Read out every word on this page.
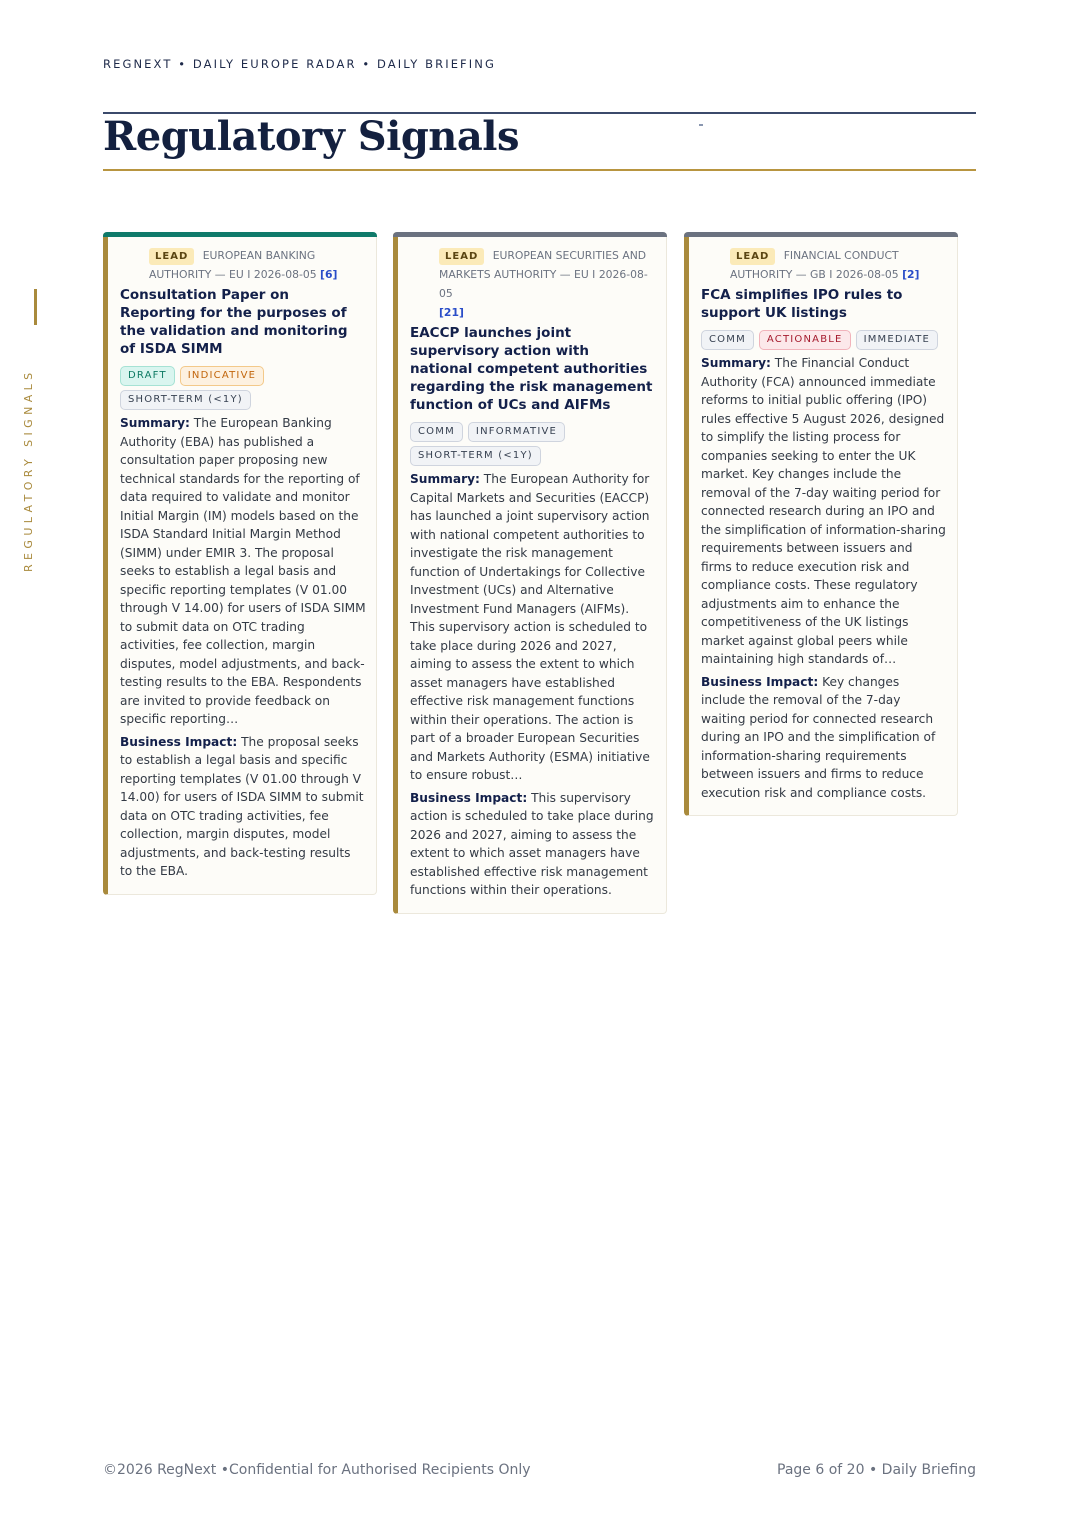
REGNEXT • DAILY EUROPE RADAR • DAILY BRIEFING
Regulatory Signals
REGULATORY SIGNALS
LEAD EUROPEAN BANKING
AUTHORITY — EU I 2026-08-05 [6]
Consultation Paper on Reporting for the purposes of the validation and monitoring of ISDA SIMM
DRAFT INDICATIVE
SHORT-TERM (<1Y)
Summary: The European Banking Authority (EBA) has published a consultation paper proposing new technical standards for the reporting of data required to validate and monitor Initial Margin (IM) models based on the ISDA Standard Initial Margin Method (SIMM) under EMIR 3. The proposal seeks to establish a legal basis and specific reporting templates (V 01.00 through V 14.00) for users of ISDA SIMM to submit data on OTC trading activities, fee collection, margin disputes, model adjustments, and back-testing results to the EBA. Respondents are invited to provide feedback on specific reporting…
Business Impact: The proposal seeks to establish a legal basis and specific reporting templates (V 01.00 through V 14.00) for users of ISDA SIMM to submit data on OTC trading activities, fee collection, margin disputes, model adjustments, and back-testing results to the EBA.
LEAD EUROPEAN SECURITIES AND
MARKETS AUTHORITY — EU I 2026-08-05
[21]
EACCP launches joint supervisory action with national competent authorities regarding the risk management function of UCs and AIFMs
COMM INFORMATIVE
SHORT-TERM (<1Y)
Summary: The European Authority for Capital Markets and Securities (EACCP) has launched a joint supervisory action with national competent authorities to investigate the risk management function of Undertakings for Collective Investment (UCs) and Alternative Investment Fund Managers (AIFMs). This supervisory action is scheduled to take place during 2026 and 2027, aiming to assess the extent to which asset managers have established effective risk management functions within their operations. The action is part of a broader European Securities and Markets Authority (ESMA) initiative to ensure robust…
Business Impact: This supervisory action is scheduled to take place during 2026 and 2027, aiming to assess the extent to which asset managers have established effective risk management functions within their operations.
LEAD FINANCIAL CONDUCT
AUTHORITY — GB I 2026-08-05 [2]
FCA simplifies IPO rules to support UK listings
COMM ACTIONABLE IMMEDIATE
Summary: The Financial Conduct Authority (FCA) announced immediate reforms to initial public offering (IPO) rules effective 5 August 2026, designed to simplify the listing process for companies seeking to enter the UK market. Key changes include the removal of the 7-day waiting period for connected research during an IPO and the simplification of information-sharing requirements between issuers and firms to reduce execution risk and compliance costs. These regulatory adjustments aim to enhance the competitiveness of the UK listings market against global peers while maintaining high standards of…
Business Impact: Key changes include the removal of the 7-day waiting period for connected research during an IPO and the simplification of information-sharing requirements between issuers and firms to reduce execution risk and compliance costs.
©2026 RegNext •Confidential for Authorised Recipients Only	Page 6 of 20 • Daily Briefing
